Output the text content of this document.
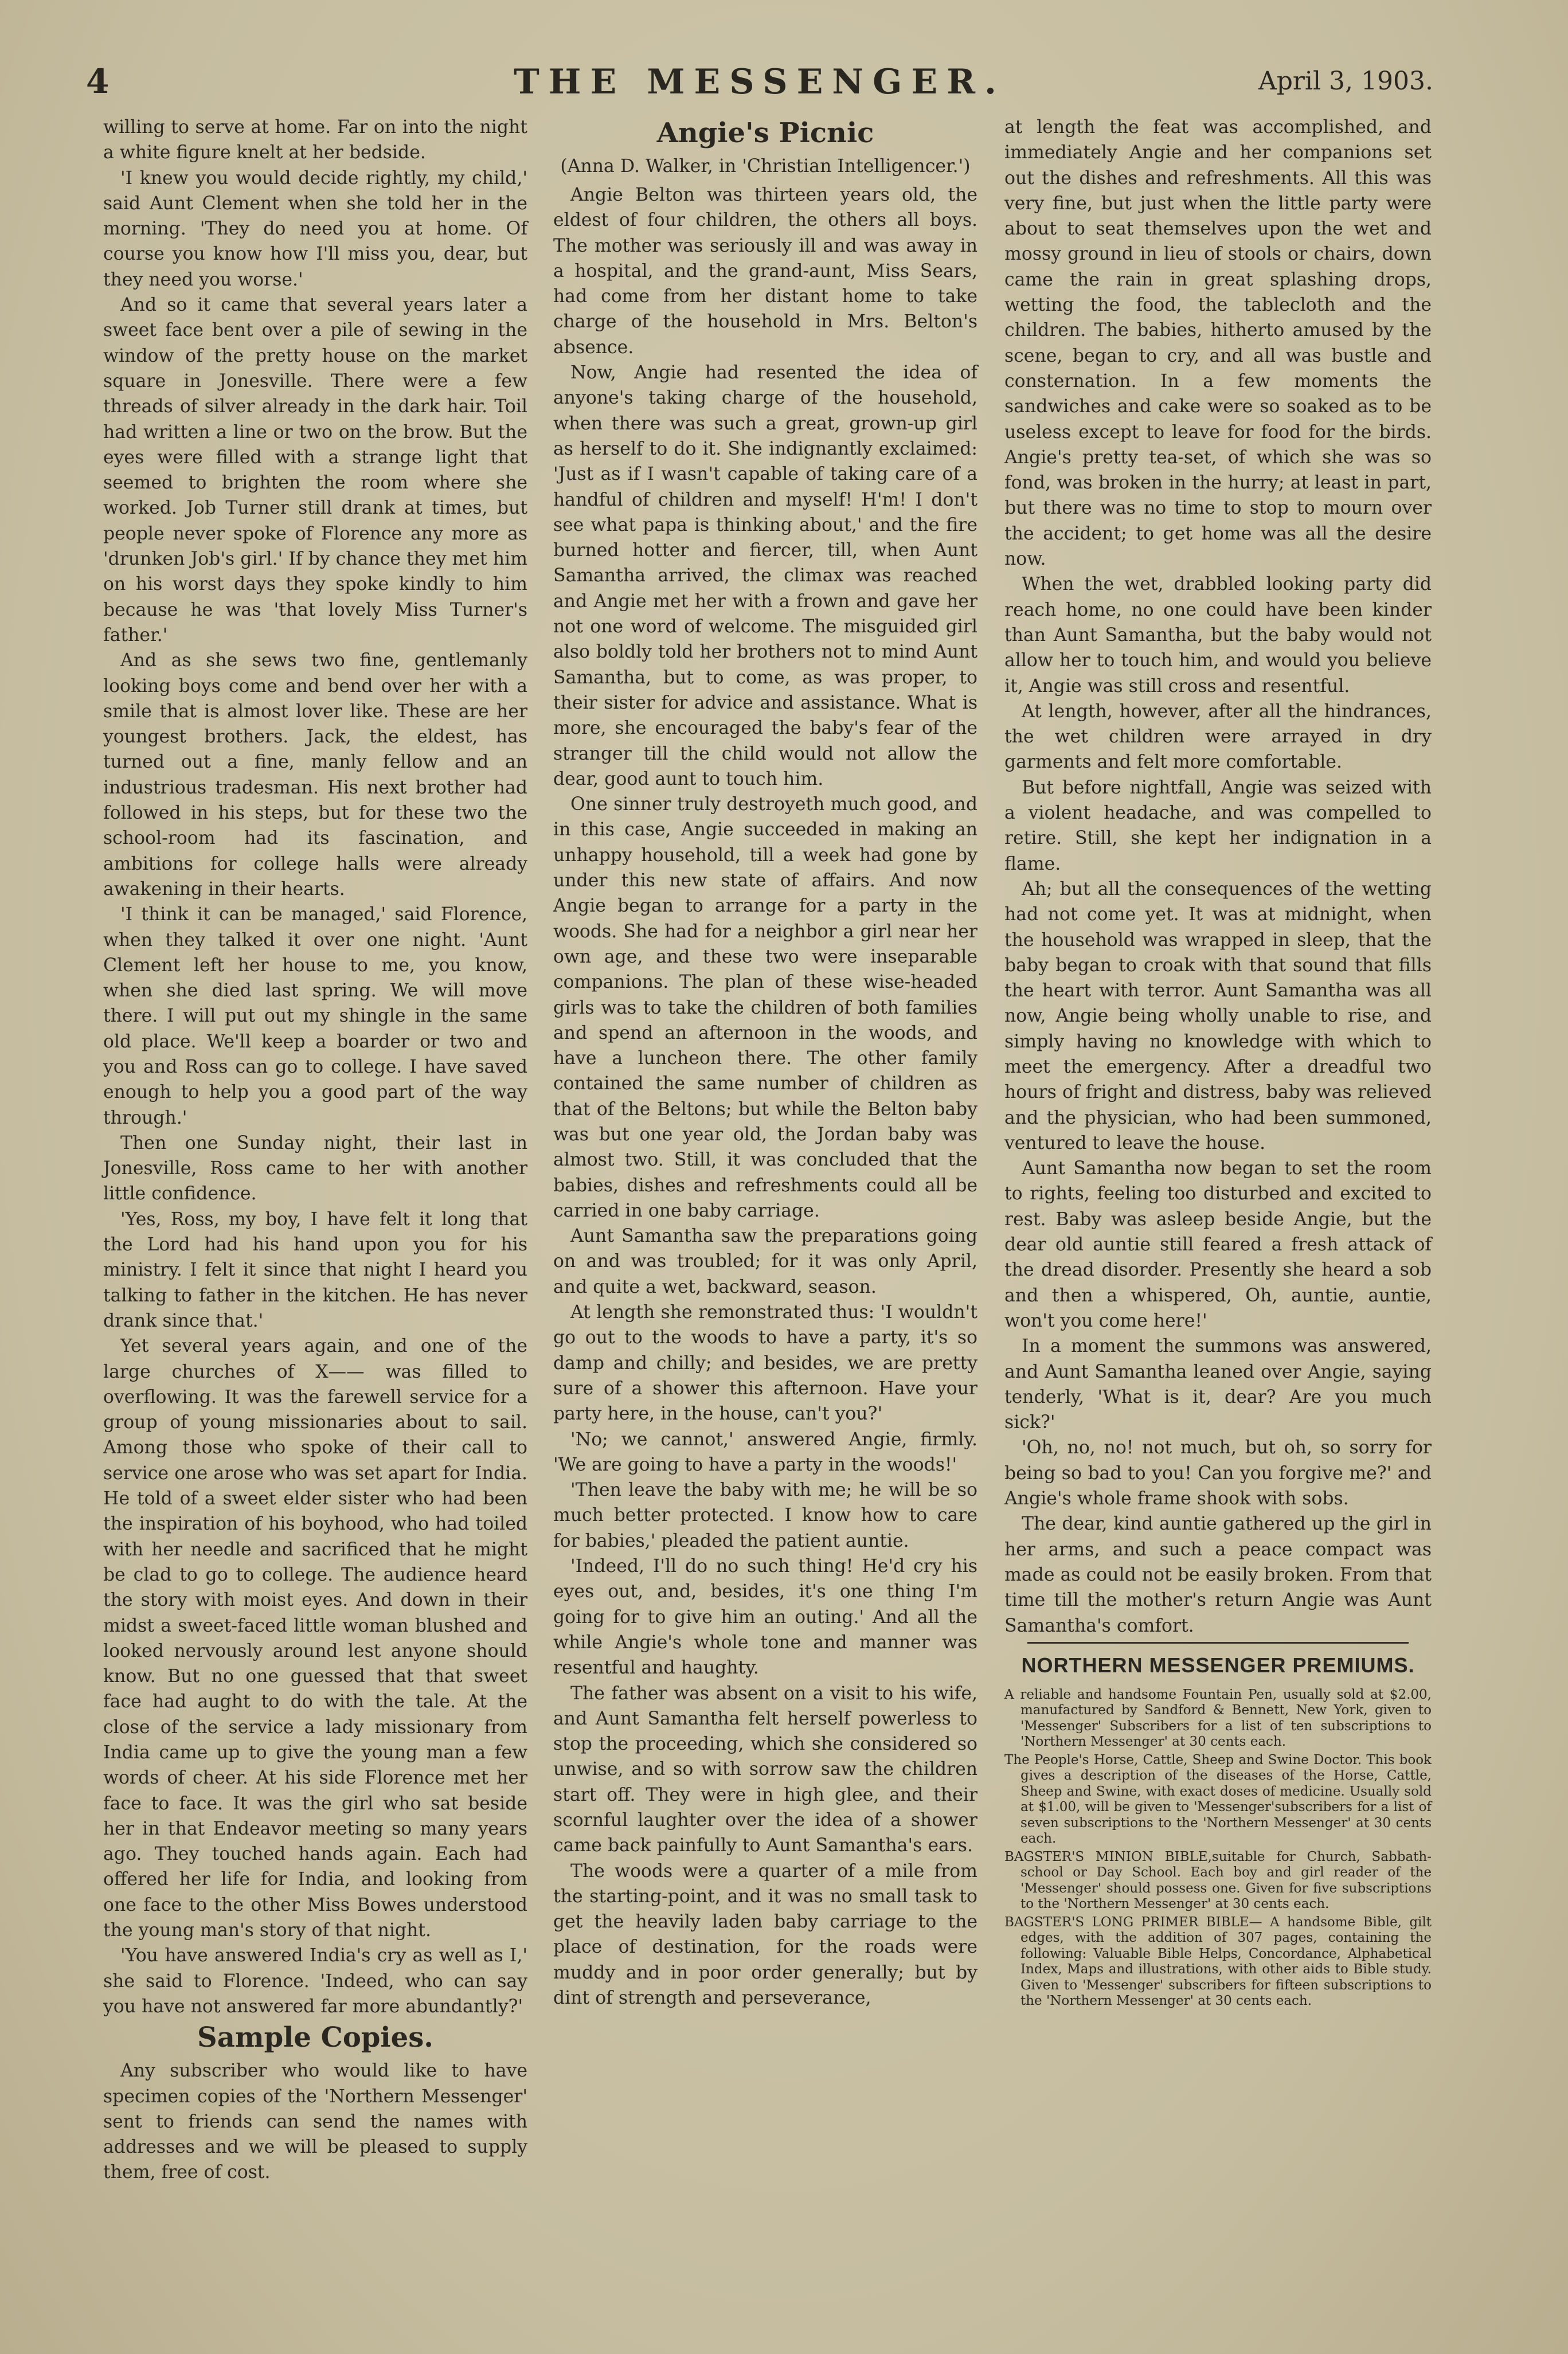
4	THE MESSENGER.	April 3, 1903.

willing to serve at home. Far on into the night a white figure knelt at her bedside.

'I knew you would decide rightly, my child,' said Aunt Clement when she told her in the morning. 'They do need you at home. Of course you know how I'll miss you, dear, but they need you worse.'

And so it came that several years later a sweet face bent over a pile of sewing in the window of the pretty house on the market square in Jonesville. There were a few threads of silver already in the dark hair. Toil had written a line or two on the brow. But the eyes were filled with a strange light that seemed to brighten the room where she worked. Job Turner still drank at times, but people never spoke of Florence any more as 'drunken Job's girl.' If by chance they met him on his worst days they spoke kindly to him because he was 'that lovely Miss Turner's father.'

And as she sews two fine, gentlemanly looking boys come and bend over her with a smile that is almost lover like. These are her youngest brothers. Jack, the eldest, has turned out a fine, manly fellow and an industrious tradesman. His next brother had followed in his steps, but for these two the school-room had its fascination, and ambitions for college halls were already awakening in their hearts.

'I think it can be managed,' said Florence, when they talked it over one night. 'Aunt Clement left her house to me, you know, when she died last spring. We will move there. I will put out my shingle in the same old place. We'll keep a boarder or two and you and Ross can go to college. I have saved enough to help you a good part of the way through.'

Then one Sunday night, their last in Jonesville, Ross came to her with another little confidence.

'Yes, Ross, my boy, I have felt it long that the Lord had his hand upon you for his ministry. I felt it since that night I heard you talking to father in the kitchen. He has never drank since that.'

Yet several years again, and one of the large churches of X—— was filled to overflowing. It was the farewell service for a group of young missionaries about to sail. Among those who spoke of their call to service one arose who was set apart for India. He told of a sweet elder sister who had been the inspiration of his boyhood, who had toiled with her needle and sacrificed that he might be clad to go to college. The audience heard the story with moist eyes. And down in their midst a sweet-faced little woman blushed and looked nervously around lest anyone should know. But no one guessed that that sweet face had aught to do with the tale. At the close of the service a lady missionary from India came up to give the young man a few words of cheer. At his side Florence met her face to face. It was the girl who sat beside her in that Endeavor meeting so many years ago. They touched hands again. Each had offered her life for India, and looking from one face to the other Miss Bowes understood the young man's story of that night.

'You have answered India's cry as well as I,' she said to Florence. 'Indeed, who can say you have not answered far more abundantly?'

Sample Copies.

Any subscriber who would like to have specimen copies of the 'Northern Messenger' sent to friends can send the names with addresses and we will be pleased to supply them, free of cost.

Angie's Picnic
(Anna D. Walker, in 'Christian Intelligencer.')

Angie Belton was thirteen years old, the eldest of four children, the others all boys. The mother was seriously ill and was away in a hospital, and the grand-aunt, Miss Sears, had come from her distant home to take charge of the household in Mrs. Belton's absence.

Now, Angie had resented the idea of anyone's taking charge of the household, when there was such a great, grown-up girl as herself to do it. She indignantly exclaimed: 'Just as if I wasn't capable of taking care of a handful of children and myself! H'm! I don't see what papa is thinking about,' and the fire burned hotter and fiercer, till, when Aunt Samantha arrived, the climax was reached and Angie met her with a frown and gave her not one word of welcome. The misguided girl also boldly told her brothers not to mind Aunt Samantha, but to come, as was proper, to their sister for advice and assistance. What is more, she encouraged the baby's fear of the stranger till the child would not allow the dear, good aunt to touch him.

One sinner truly destroyeth much good, and in this case, Angie succeeded in making an unhappy household, till a week had gone by under this new state of affairs. And now Angie began to arrange for a party in the woods. She had for a neighbor a girl near her own age, and these two were inseparable companions. The plan of these wise-headed girls was to take the children of both families and spend an afternoon in the woods, and have a luncheon there. The other family contained the same number of children as that of the Beltons; but while the Belton baby was but one year old, the Jordan baby was almost two. Still, it was concluded that the babies, dishes and refreshments could all be carried in one baby carriage.

Aunt Samantha saw the preparations going on and was troubled; for it was only April, and quite a wet, backward, season.

At length she remonstrated thus: 'I wouldn't go out to the woods to have a party, it's so damp and chilly; and besides, we are pretty sure of a shower this afternoon. Have your party here, in the house, can't you?'

'No; we cannot,' answered Angie, firmly. 'We are going to have a party in the woods!'

'Then leave the baby with me; he will be so much better protected. I know how to care for babies,' pleaded the patient auntie.

'Indeed, I'll do no such thing! He'd cry his eyes out, and, besides, it's one thing I'm going for to give him an outing.' And all the while Angie's whole tone and manner was resentful and haughty.

The father was absent on a visit to his wife, and Aunt Samantha felt herself powerless to stop the proceeding, which she considered so unwise, and so with sorrow saw the children start off. They were in high glee, and their scornful laughter over the idea of a shower came back painfully to Aunt Samantha's ears.

The woods were a quarter of a mile from the starting-point, and it was no small task to get the heavily laden baby carriage to the place of destination, for the roads were muddy and in poor order generally; but by dint of strength and perseverance,

at length the feat was accomplished, and immediately Angie and her companions set out the dishes and refreshments. All this was very fine, but just when the little party were about to seat themselves upon the wet and mossy ground in lieu of stools or chairs, down came the rain in great splashing drops, wetting the food, the tablecloth and the children. The babies, hitherto amused by the scene, began to cry, and all was bustle and consternation. In a few moments the sandwiches and cake were so soaked as to be useless except to leave for food for the birds. Angie's pretty tea-set, of which she was so fond, was broken in the hurry; at least in part, but there was no time to stop to mourn over the accident; to get home was all the desire now.

When the wet, drabbled looking party did reach home, no one could have been kinder than Aunt Samantha, but the baby would not allow her to touch him, and would you believe it, Angie was still cross and resentful.

At length, however, after all the hindrances, the wet children were arrayed in dry garments and felt more comfortable.

But before nightfall, Angie was seized with a violent headache, and was compelled to retire. Still, she kept her indignation in a flame.

Ah; but all the consequences of the wetting had not come yet. It was at midnight, when the household was wrapped in sleep, that the baby began to croak with that sound that fills the heart with terror. Aunt Samantha was all now, Angie being wholly unable to rise, and simply having no knowledge with which to meet the emergency. After a dreadful two hours of fright and distress, baby was relieved and the physician, who had been summoned, ventured to leave the house.

Aunt Samantha now began to set the room to rights, feeling too disturbed and excited to rest. Baby was asleep beside Angie, but the dear old auntie still feared a fresh attack of the dread disorder. Presently she heard a sob and then a whispered, Oh, auntie, auntie, won't you come here!'

In a moment the summons was answered, and Aunt Samantha leaned over Angie, saying tenderly, 'What is it, dear? Are you much sick?'

'Oh, no, no! not much, but oh, so sorry for being so bad to you! Can you forgive me?' and Angie's whole frame shook with sobs.

The dear, kind auntie gathered up the girl in her arms, and such a peace compact was made as could not be easily broken. From that time till the mother's return Angie was Aunt Samantha's comfort.

NORTHERN MESSENGER PREMIUMS.

A reliable and handsome Fountain Pen, usually sold at $2.00, manufactured by Sandford & Bennett, New York, given to 'Messenger' Subscribers for a list of ten subscriptions to 'Northern Messenger' at 30 cents each.

The People's Horse, Cattle, Sheep and Swine Doctor. This book gives a description of the diseases of the Horse, Cattle, Sheep and Swine, with exact doses of medicine. Usually sold at $1.00, will be given to 'Messenger'subscribers for a list of seven subscriptions to the 'Northern Messenger' at 30 cents each.

BAGSTER'S MINION BIBLE,suitable for Church, Sabbath-school or Day School. Each boy and girl reader of the 'Messenger' should possess one. Given for five subscriptions to the 'Northern Messenger' at 30 cents each.

BAGSTER'S LONG PRIMER BIBLE— A handsome Bible, gilt edges, with the addition of 307 pages, containing the following: Valuable Bible Helps, Concordance, Alphabetical Index, Maps and illustrations, with other aids to Bible study. Given to 'Messenger' subscribers for fifteen subscriptions to the 'Northern Messenger' at 30 cents each.
